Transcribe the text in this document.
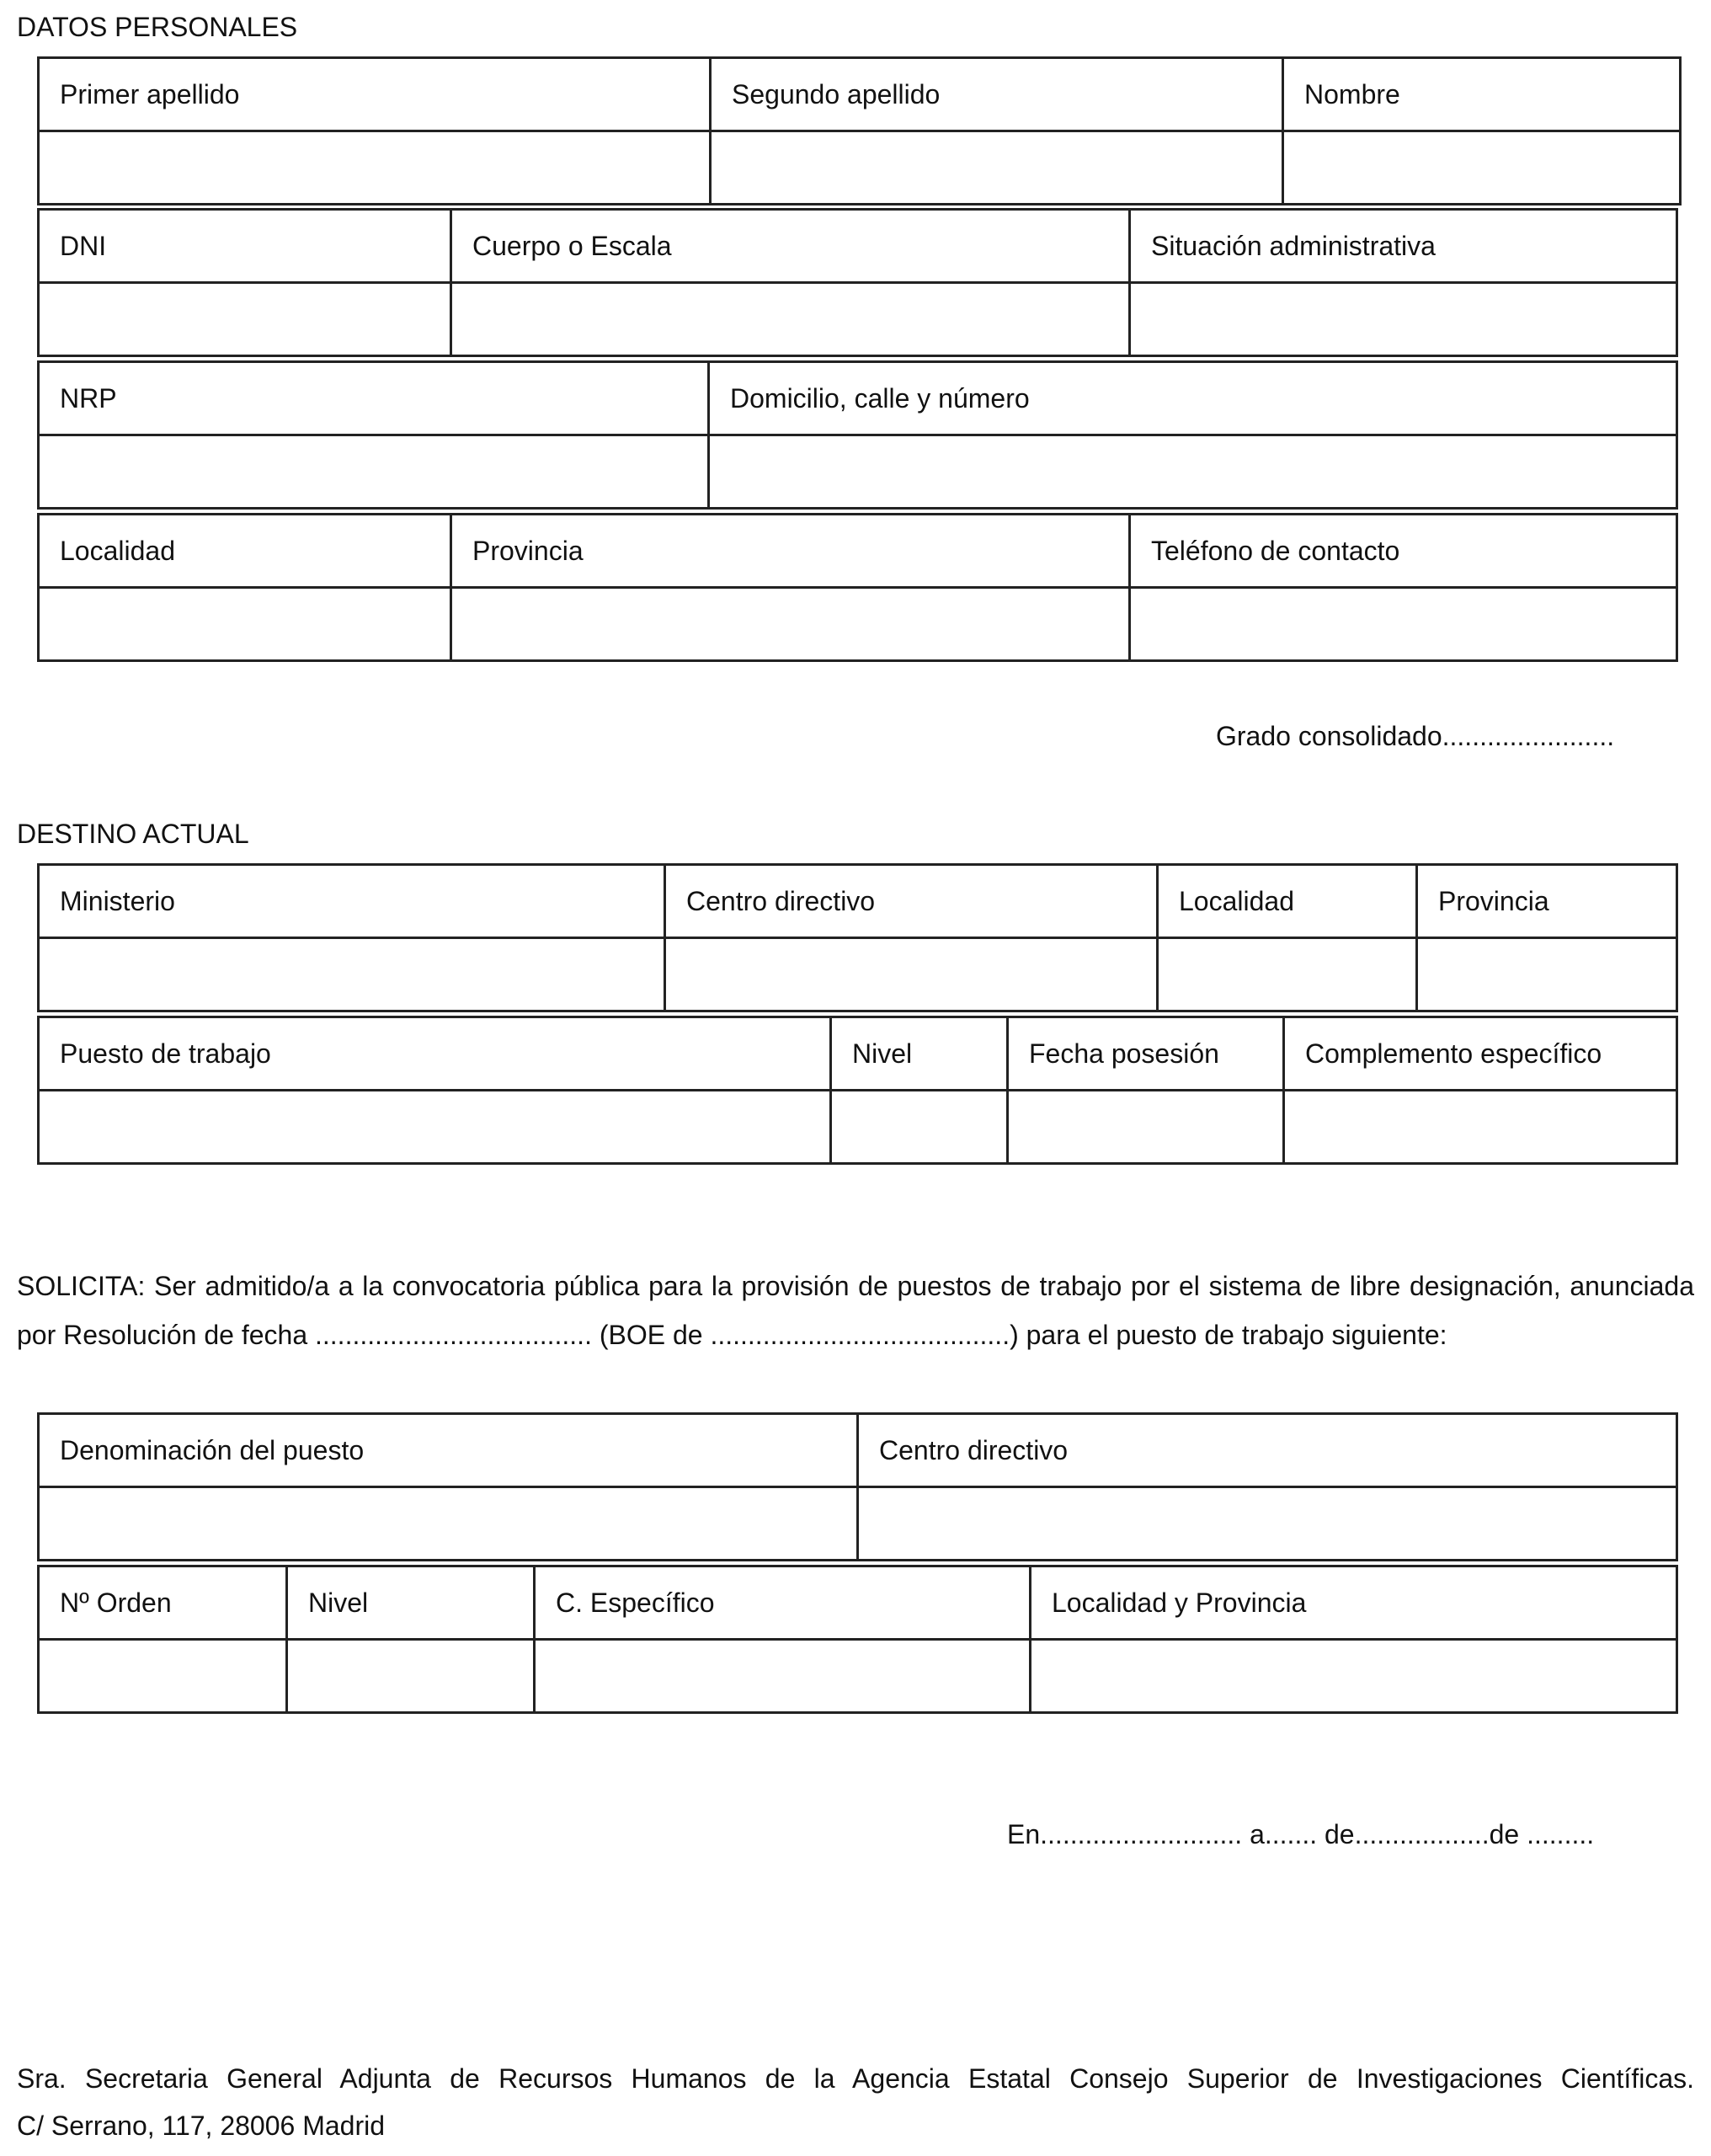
DATOS PERSONALES
Primer apellido	Segundo apellido	Nombre

DNI	Cuerpo o Escala	Situación administrativa

NRP	Domicilio, calle y número

Localidad	Provincia	Teléfono de contacto

Grado consolidado.......................
DESTINO ACTUAL
Ministerio	Centro directivo	Localidad	Provincia

Puesto de trabajo	Nivel	Fecha posesión	Complemento específico

SOLICITA: Ser admitido/a a la convocatoria pública para la provisión de puestos de trabajo por el sistema de libre designación, anunciada
por Resolución de fecha ..................................... (BOE de ........................................) para el puesto de trabajo siguiente:
Denominación del puesto	Centro directivo

Nº Orden	Nivel	C. Específico	Localidad y Provincia

En........................... a....... de..................de .........
Sra. Secretaria General Adjunta de Recursos Humanos de la Agencia Estatal Consejo Superior de Investigaciones Científicas.
C/ Serrano, 117, 28006 Madrid
